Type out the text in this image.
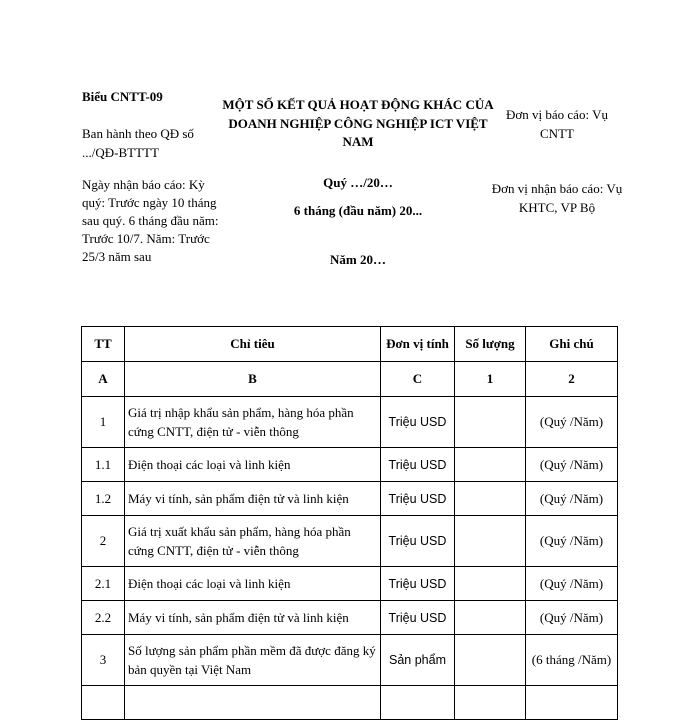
Biểu CNTT-09
Ban hành theo QĐ số .../QĐ-BTTTT
Ngày nhận báo cáo: Kỳ quý: Trước ngày 10 tháng sau quý. 6 tháng đầu năm: Trước 10/7. Năm: Trước 25/3 năm sau
MỘT SỐ KẾT QUẢ HOẠT ĐỘNG KHÁC CỦA DOANH NGHIỆP CÔNG NGHIỆP ICT VIỆT NAM
Quý …/20…
6 tháng (đầu năm) 20...
Năm 20…
Đơn vị báo cáo: Vụ CNTT
Đơn vị nhận báo cáo: Vụ KHTC, VP Bộ
TT	Chỉ tiêu	Đơn vị tính	Số lượng	Ghi chú
A	B	C	1	2
1	Giá trị nhập khẩu sản phẩm, hàng hóa phần cứng CNTT, điện tử - viễn thông	Triệu USD		(Quý /Năm)
1.1	Điện thoại các loại và linh kiện	Triệu USD		(Quý /Năm)
1.2	Máy vi tính, sản phẩm điện tử và linh kiện	Triệu USD		(Quý /Năm)
2	Giá trị xuất khẩu sản phẩm, hàng hóa phần cứng CNTT, điện tử - viễn thông	Triệu USD		(Quý /Năm)
2.1	Điện thoại các loại và linh kiện	Triệu USD		(Quý /Năm)
2.2	Máy vi tính, sản phẩm điện tử và linh kiện	Triệu USD		(Quý /Năm)
3	Số lượng sản phẩm phần mềm đã được đăng ký bản quyền tại Việt Nam	Sản phẩm		(6 tháng /Năm)
